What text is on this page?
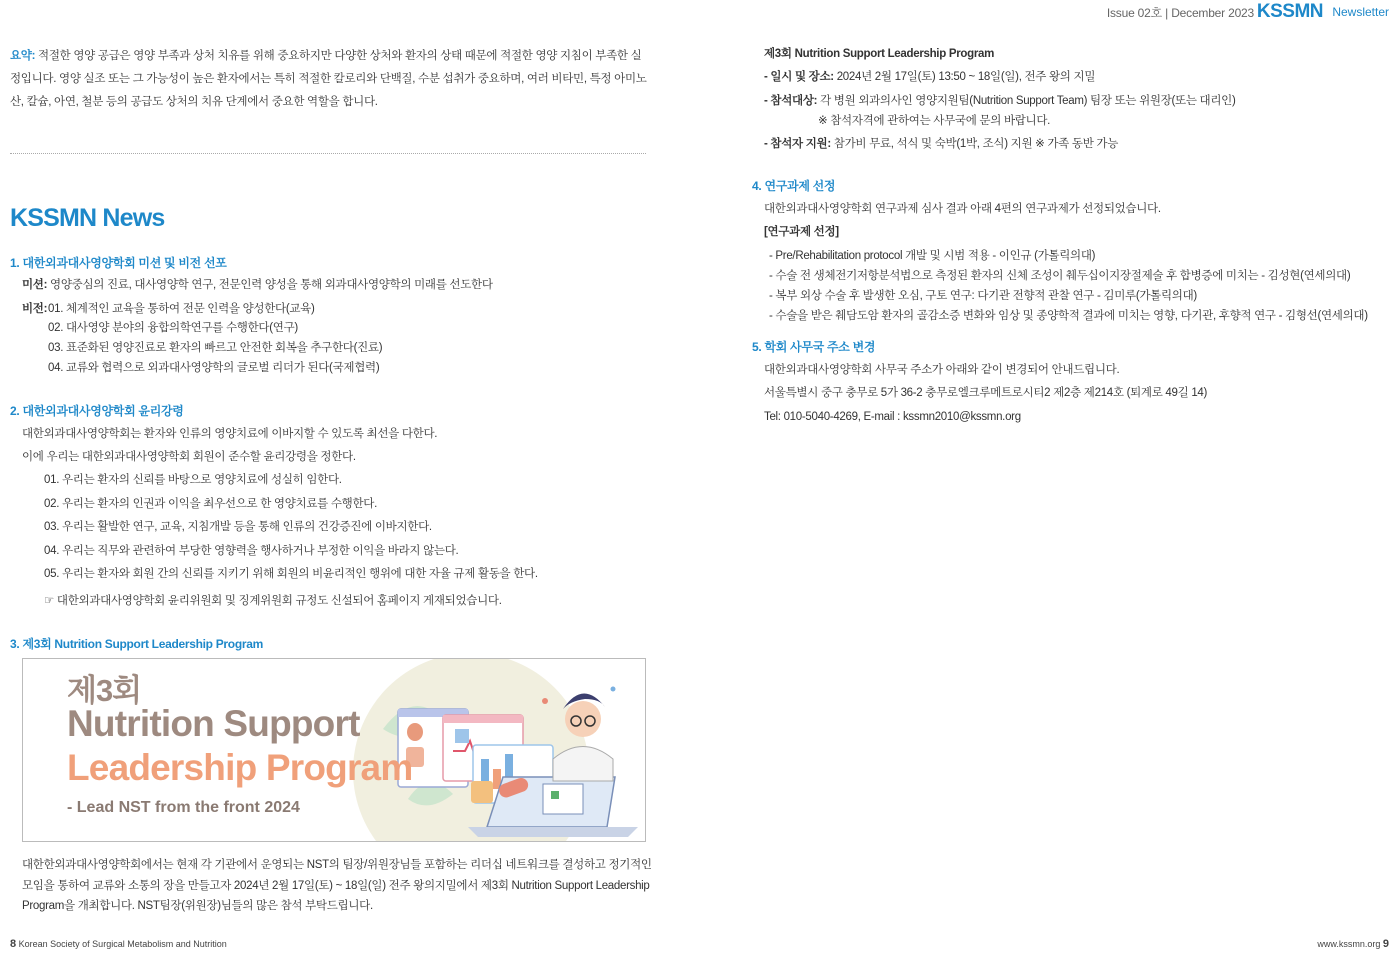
Issue 02호 | December 2023 KSSMN Newsletter
요약: 적절한 영양 공급은 영양 부족과 상처 치유를 위해 중요하지만 다양한 상처와 환자의 상태 때문에 적절한 영양 지침이 부족한 실정입니다. 영양 실조 또는 그 가능성이 높은 환자에서는 특히 적절한 칼로리와 단백질, 수분 섭취가 중요하며, 여러 비타민, 특정 아미노산, 칼슘, 아연, 철분 등의 공급도 상처의 치유 단계에서 중요한 역할을 합니다.
KSSMN News
1. 대한외과대사영양학회 미션 및 비전 선포
미션: 영양중심의 진료, 대사영양학 연구, 전문인력 양성을 통해 외과대사영양학의 미래를 선도한다
비전: 01. 체계적인 교육을 통하여 전문 인력을 양성한다(교육)
02. 대사영양 분야의 융합의학연구를 수행한다(연구)
03. 표준화된 영양진료로 환자의 빠르고 안전한 회복을 추구한다(진료)
04. 교류와 협력으로 외과대사영양학의 글로벌 리더가 된다(국제협력)
2. 대한외과대사영양학회 윤리강령
대한외과대사영양학회는 환자와 인류의 영양치료에 이바지할 수 있도록 최선을 다한다.
이에 우리는 대한외과대사영양학회 회원이 준수할 윤리강령을 정한다.
01. 우리는 환자의 신뢰를 바탕으로 영양치료에 성실히 임한다.
02. 우리는 환자의 인권과 이익을 최우선으로 한 영양치료를 수행한다.
03. 우리는 활발한 연구, 교육, 지침개발 등을 통해 인류의 건강증진에 이바지한다.
04. 우리는 직무와 관련하여 부당한 영향력을 행사하거나 부정한 이익을 바라지 않는다.
05. 우리는 환자와 회원 간의 신뢰를 지키기 위해 회원의 비윤리적인 행위에 대한 자율 규제 활동을 한다.
☞ 대한외과대사영양학회 윤리위원회 및 징계위원회 규정도 신설되어 홈페이지 게재되었습니다.
3. 제3회 Nutrition Support Leadership Program
제3회
Nutrition Support
Leadership Program
- Lead NST from the front 2024
대한한외과대사영양학회에서는 현재 각 기관에서 운영되는 NST의 팀장/위원장님들 포함하는 리더십 네트워크를 결성하고 정기적인
모임을 통하여 교류와 소통의 장을 만들고자 2024년 2월 17일(토) ~ 18일(일) 전주 왕의지밀에서 제3회 Nutrition Support Leadership
Program을 개최합니다. NST팀장(위원장)님들의 많은 참석 부탁드립니다.
제3회 Nutrition Support Leadership Program
- 일시 및 장소: 2024년 2월 17일(토) 13:50 ~ 18일(일), 전주 왕의 지밀
- 참석대상: 각 병원 외과의사인 영양지원팀(Nutrition Support Team) 팀장 또는 위원장(또는 대리인)
※ 참석자격에 관하여는 사무국에 문의 바랍니다.
- 참석자 지원: 참가비 무료, 석식 및 숙박(1박, 조식) 지원 ※ 가족 동반 가능
4. 연구과제 선정
대한외과대사영양학회 연구과제 심사 결과 아래 4편의 연구과제가 선정되었습니다.
[연구과제 선정]
- Pre/Rehabilitation protocol 개발 및 시범 적용 - 이인규 (가톨릭의대)
- 수술 전 생체전기저항분석법으로 측정된 환자의 신체 조성이 췌두십이지장절제술 후 합병증에 미치는 - 김성현(연세의대)
- 복부 외상 수술 후 발생한 오심, 구토 연구: 다기관 전향적 관찰 연구 - 김미루(가톨릭의대)
- 수술을 받은 췌담도암 환자의 골감소증 변화와 임상 및 종양학적 결과에 미치는 영향, 다기관, 후향적 연구 - 김형선(연세의대)
5. 학회 사무국 주소 변경
대한외과대사영양학회 사무국 주소가 아래와 같이 변경되어 안내드립니다.
서울특별시 중구 충무로 5가 36-2 충무로엘크루메트로시티2 제2층 제214호 (퇴계로 49길 14)
Tel: 010-5040-4269, E-mail : kssmn2010@kssmn.org
8 Korean Society of Surgical Metabolism and Nutrition	www.kssmn.org 9
